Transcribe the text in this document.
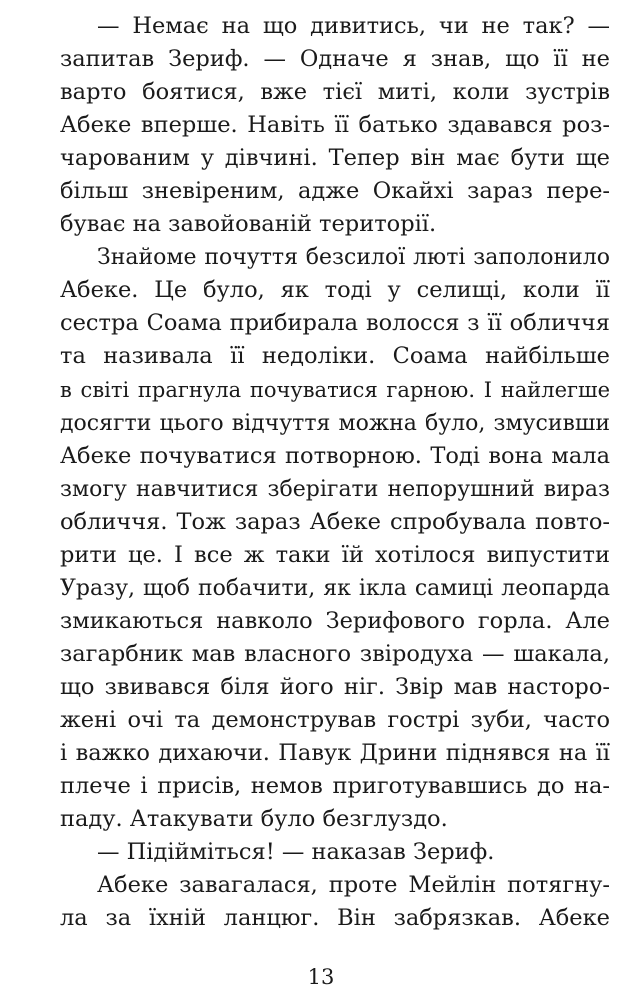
— Немає на що дивитись, чи не так? —
запитав Зериф. — Одначе я знав, що її не
варто боятися, вже тієї миті, коли зустрів
Абеке вперше. Навіть її батько здавався роз-
чарованим у дівчині. Тепер він має бути ще
більш зневіреним, адже Окайхі зараз пере-
буває на завойованій території.
Знайоме почуття безсилої люті заполонило
Абеке. Це було, як тоді у селищі, коли її
сестра Соама прибирала волосся з її обличчя
та називала її недоліки. Соама найбільше
в світі прагнула почуватися гарною. І найлегше
досягти цього відчуття можна було, змусивши
Абеке почуватися потворною. Тоді вона мала
змогу навчитися зберігати непорушний вираз
обличчя. Тож зараз Абеке спробувала повто-
рити це. І все ж таки їй хотілося випустити
Уразу, щоб побачити, як ікла самиці леопарда
змикаються навколо Зерифового горла. Але
загарбник мав власного звіродуха — шакала,
що звивався біля його ніг. Звір мав насторо-
жені очі та демонстрував гострі зуби, часто
і важко дихаючи. Павук Дрини піднявся на її
плече і присів, немов приготувавшись до на-
паду. Атакувати було безглуздо.
— Підійміться! — наказав Зериф.
Абеке завагалася, проте Мейлін потягну-
ла за їхній ланцюг. Він забрязкав. Абеке
13
